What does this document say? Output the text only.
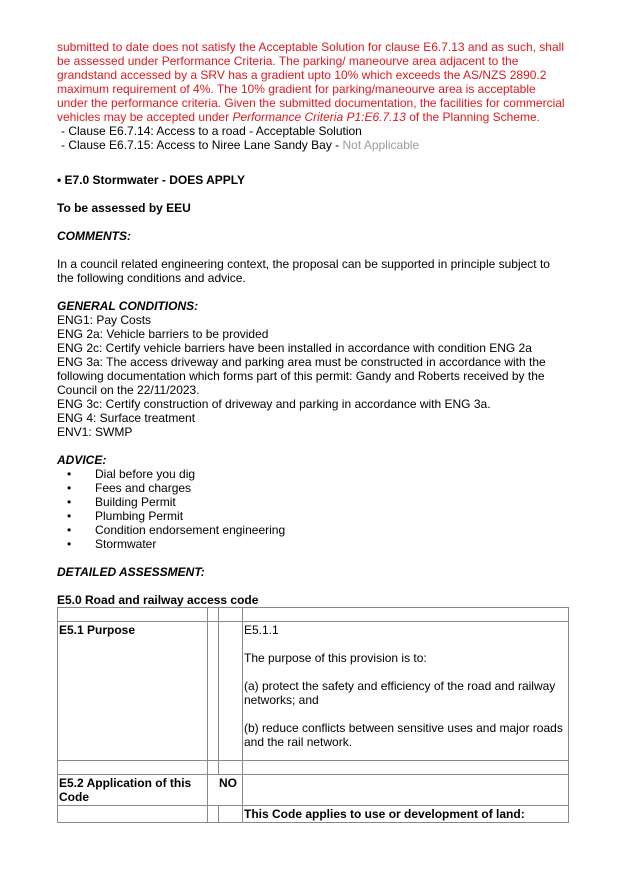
submitted to date does not satisfy the Acceptable Solution for clause E6.7.13 and as such, shall be assessed under Performance Criteria. The parking/ maneourve area adjacent to the grandstand accessed by a SRV has a gradient upto 10% which exceeds the AS/NZS 2890.2 maximum requirement of 4%. The 10% gradient for parking/maneourve area is acceptable under the performance criteria. Given the submitted documentation, the facilities for commercial vehicles may be accepted under Performance Criteria P1:E6.7.13 of the Planning Scheme.

- Clause E6.7.14: Access to a road - Acceptable Solution

- Clause E6.7.15: Access to Niree Lane Sandy Bay - Not Applicable

• E7.0 Stormwater - DOES APPLY

To be assessed by EEU

COMMENTS:

In a council related engineering context, the proposal can be supported in principle subject to the following conditions and advice.

GENERAL CONDITIONS:

ENG1: Pay Costs

ENG 2a: Vehicle barriers to be provided

ENG 2c: Certify vehicle barriers have been installed in accordance with condition ENG 2a

ENG 3a: The access driveway and parking area must be constructed in accordance with the following documentation which forms part of this permit: Gandy and Roberts received by the Council on the 22/11/2023.

ENG 3c: Certify construction of driveway and parking in accordance with ENG 3a.

ENG 4: Surface treatment

ENV1: SWMP

ADVICE:

• Dial before you dig
• Fees and charges
• Building Permit
• Plumbing Permit
• Condition endorsement engineering
• Stormwater

DETAILED ASSESSMENT:

E5.0 Road and railway access code

E5.1 Purpose			E5.1.1

The purpose of this provision is to:

(a) protect the safety and efficiency of the road and railway networks; and

(b) reduce conflicts between sensitive uses and major roads and the rail network.

E5.2 Application of this Code	NO		
			This Code applies to use or development of land:
